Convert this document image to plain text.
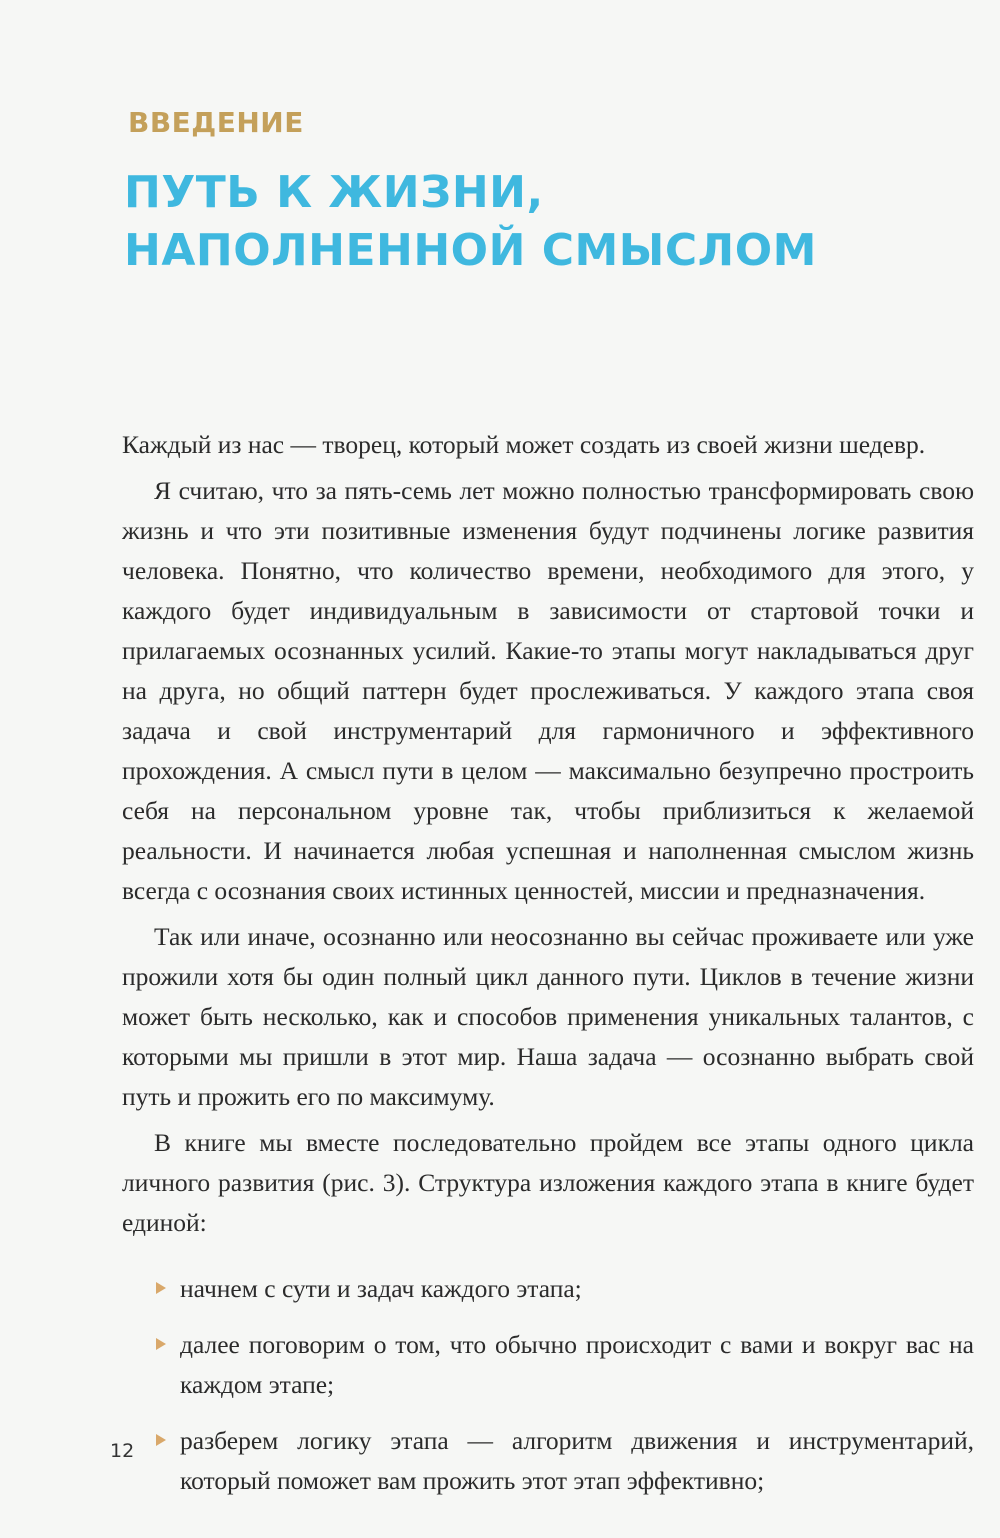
ВВЕДЕНИЕ
ПУТЬ К ЖИЗНИ,
НАПОЛНЕННОЙ СМЫСЛОМ

Каждый из нас — творец, который может создать из своей жизни шедевр.

Я считаю, что за пять-семь лет можно полностью трансформировать свою жизнь и что эти позитивные изменения будут подчинены логике развития человека. Понятно, что количество времени, необходимого для этого, у каждого будет индивидуальным в зависимости от стартовой точки и прилагаемых осознанных усилий. Какие-то этапы могут накладываться друг на друга, но общий паттерн будет прослеживаться. У каждого этапа своя задача и свой инструментарий для гармоничного и эффективного прохождения. А смысл пути в целом — максимально безупречно простроить себя на персональном уровне так, чтобы приблизиться к желаемой реальности. И начинается любая успешная и наполненная смыслом жизнь всегда с осознания своих истинных ценностей, миссии и предназначения.

Так или иначе, осознанно или неосознанно вы сейчас проживаете или уже прожили хотя бы один полный цикл данного пути. Циклов в течение жизни может быть несколько, как и способов применения уникальных талантов, с которыми мы пришли в этот мир. Наша задача — осознанно выбрать свой путь и прожить его по максимуму.

В книге мы вместе последовательно пройдем все этапы одного цикла личного развития (рис. 3). Структура изложения каждого этапа в книге будет единой:

начнем с сути и задач каждого этапа;
далее поговорим о том, что обычно происходит с вами и вокруг вас на каждом этапе;
разберем логику этапа — алгоритм движения и инструментарий, который поможет вам прожить этот этап эффективно;
12
